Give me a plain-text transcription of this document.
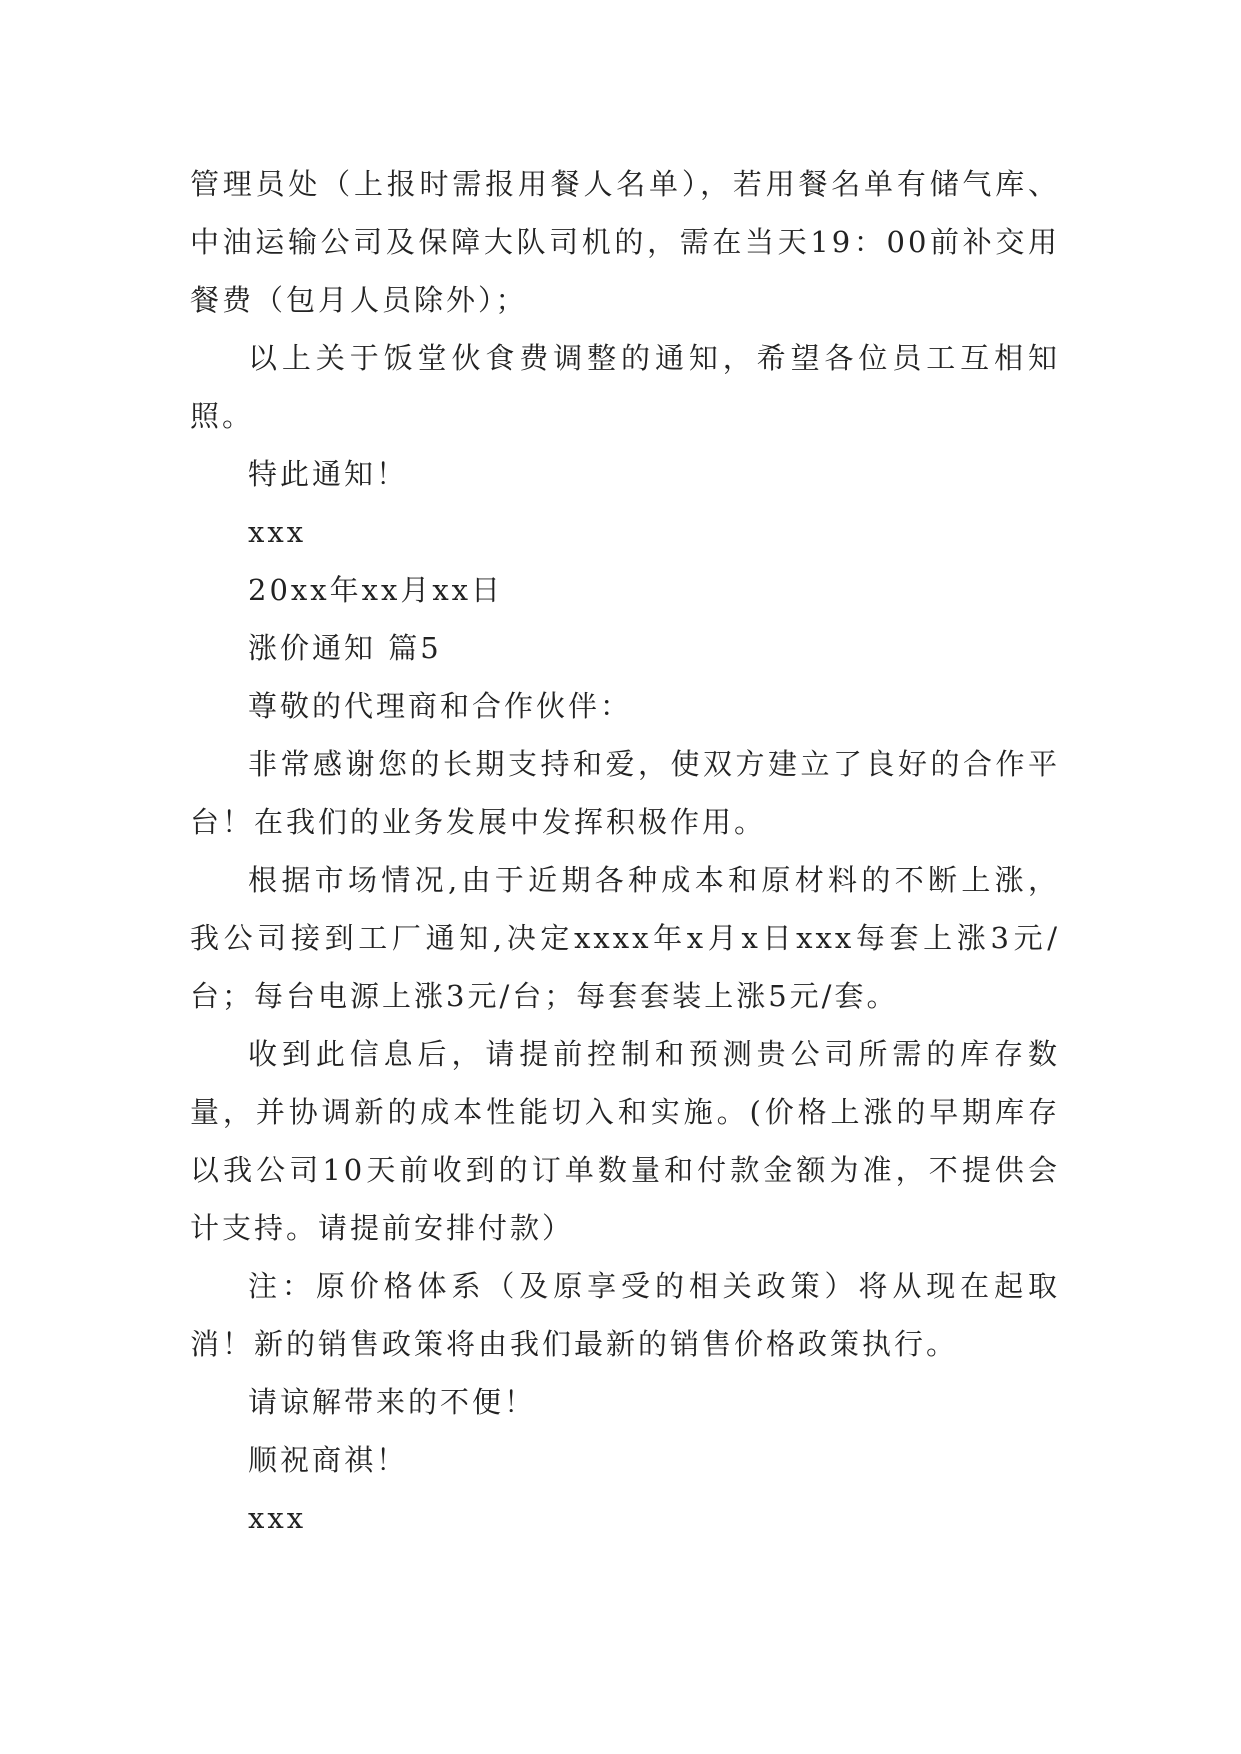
管理员处（上报时需报用餐人名单），若用餐名单有储气库、中油运输公司及保障大队司机的，需在当天19：00前补交用餐费（包月人员除外）；

以上关于饭堂伙食费调整的通知，希望各位员工互相知照。

特此通知！

xxx

20xx年xx月xx日

涨价通知 篇5

尊敬的代理商和合作伙伴：

非常感谢您的长期支持和爱，使双方建立了良好的合作平台！在我们的业务发展中发挥积极作用。

根据市场情况,由于近期各种成本和原材料的不断上涨，我公司接到工厂通知,决定xxxx年x月x日xxx每套上涨3元/台；每台电源上涨3元/台；每套套装上涨5元/套。

收到此信息后，请提前控制和预测贵公司所需的库存数量，并协调新的成本性能切入和实施。(价格上涨的早期库存以我公司10天前收到的订单数量和付款金额为准，不提供会计支持。请提前安排付款）

注：原价格体系（及原享受的相关政策）将从现在起取消！新的销售政策将由我们最新的销售价格政策执行。

请谅解带来的不便！

顺祝商祺！

xxx
